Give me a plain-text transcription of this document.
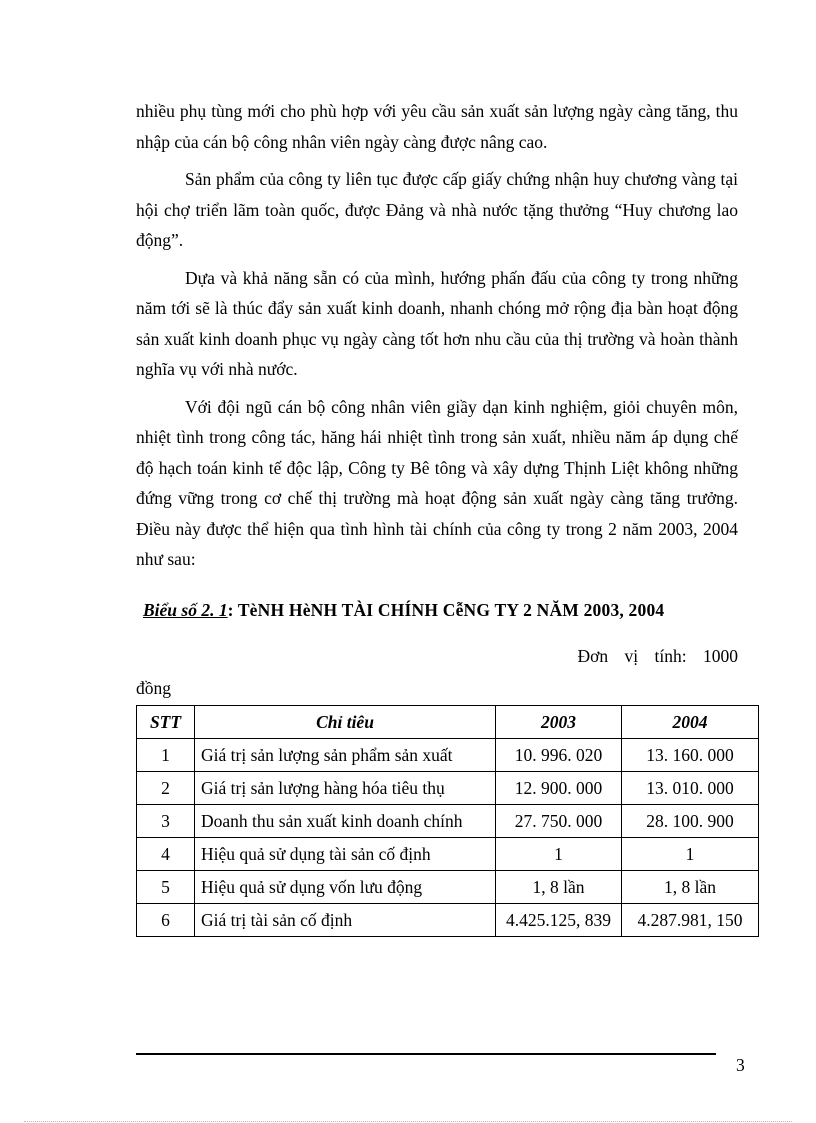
nhiều phụ tùng mới cho phù hợp với yêu cầu sản xuất sản lượng ngày càng tăng, thu nhập của cán bộ công nhân viên ngày càng được nâng cao.

Sản phẩm của công ty liên tục được cấp giấy chứng nhận huy chương vàng tại hội chợ triển lãm toàn quốc, được Đảng và nhà nước tặng thưởng “Huy chương lao động”.

Dựa và khả năng sẵn có của mình, hướng phấn đấu của công ty trong những năm tới sẽ là thúc đẩy sản xuất kinh doanh, nhanh chóng mở rộng địa bàn hoạt động sản xuất kinh doanh phục vụ ngày càng tốt hơn nhu cầu của thị trường và hoàn thành nghĩa vụ với nhà nước.

Với đội ngũ cán bộ công nhân viên giầy dạn kinh nghiệm, giỏi chuyên môn, nhiệt tình trong công tác, hăng hái nhiệt tình trong sản xuất, nhiều năm áp dụng chế độ hạch toán kinh tế độc lập, Công ty Bê tông và xây dựng Thịnh Liệt không những đứng vững trong cơ chế thị trường mà hoạt động sản xuất ngày càng tăng trưởng. Điều này được thể hiện qua tình hình tài chính của công ty trong 2 năm 2003, 2004 như sau:

Biểu số 2. 1: TèNH HèNH TÀI CHÍNH CễNG TY 2 NĂM 2003, 2004
Đơn vị tính: 1000
đồng
STT	Chỉ tiêu	2003	2004
1	Giá trị sản lượng sản phẩm sản xuất	10. 996. 020	13. 160. 000
2	Giá trị sản lượng hàng hóa tiêu thụ	12. 900. 000	13. 010. 000
3	Doanh thu sản xuất kinh doanh chính	27. 750. 000	28. 100. 900
4	Hiệu quả sử dụng tài sản cố định	1	1
5	Hiệu quả sử dụng vốn lưu động	1, 8 lần	1, 8 lần
6	Giá trị tài sản cố định	4.425.125, 839	4.287.981, 150
3
